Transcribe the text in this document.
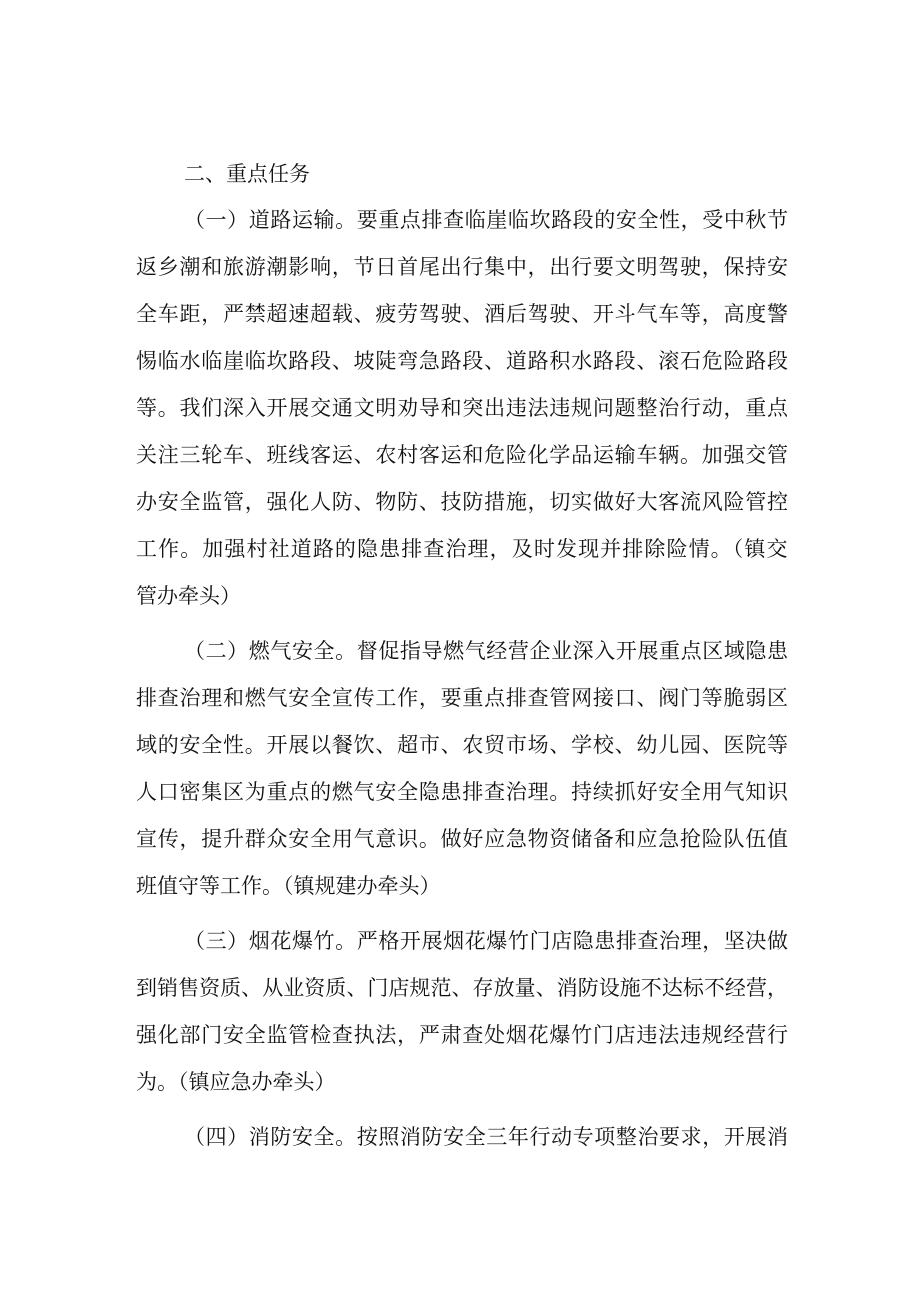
二、重点任务
（一）道路运输。要重点排查临崖临坎路段的安全性，受中秋节
返乡潮和旅游潮影响，节日首尾出行集中，出行要文明驾驶，保持安
全车距，严禁超速超载、疲劳驾驶、酒后驾驶、开斗气车等，高度警
惕临水临崖临坎路段、坡陡弯急路段、道路积水路段、滚石危险路段
等。我们深入开展交通文明劝导和突出违法违规问题整治行动，重点
关注三轮车、班线客运、农村客运和危险化学品运输车辆。加强交管
办安全监管，强化人防、物防、技防措施，切实做好大客流风险管控
工作。加强村社道路的隐患排查治理，及时发现并排除险情。（镇交
管办牵头）
（二）燃气安全。督促指导燃气经营企业深入开展重点区域隐患
排查治理和燃气安全宣传工作，要重点排查管网接口、阀门等脆弱区
域的安全性。开展以餐饮、超市、农贸市场、学校、幼儿园、医院等
人口密集区为重点的燃气安全隐患排查治理。持续抓好安全用气知识
宣传，提升群众安全用气意识。做好应急物资储备和应急抢险队伍值
班值守等工作。（镇规建办牵头）
（三）烟花爆竹。严格开展烟花爆竹门店隐患排查治理，坚决做
到销售资质、从业资质、门店规范、存放量、消防设施不达标不经营，
强化部门安全监管检查执法，严肃查处烟花爆竹门店违法违规经营行
为。（镇应急办牵头）
（四）消防安全。按照消防安全三年行动专项整治要求，开展消
